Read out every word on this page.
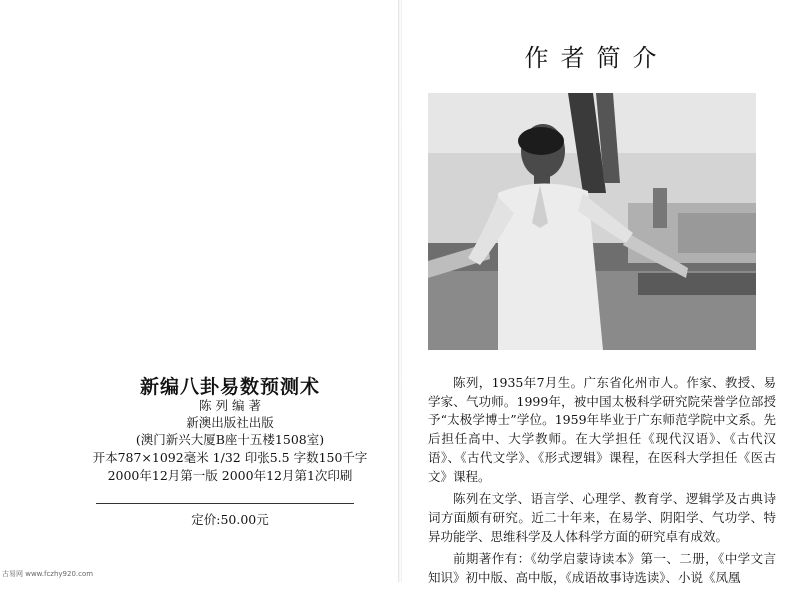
新编八卦易数预测术
陈 列 编 著
新澳出版社出版
(澳门新兴大厦B座十五楼1508室)
开本787×1092毫米 1/32 印张5.5 字数150千字
2000年12月第一版 2000年12月第1次印刷
定价:50.00元
古易网 www.fczhy920.com
作者简介

陈列，1935年7月生。广东省化州市人。作家、教授、易学家、气功师。1999年，被中国太极科学研究院荣誉学位部授予“太极学博士”学位。1959年毕业于广东师范学院中文系。先后担任高中、大学教师。在大学担任《现代汉语》、《古代汉语》、《古代文学》、《形式逻辑》课程，在医科大学担任《医古文》课程。

陈列在文学、语言学、心理学、教育学、逻辑学及古典诗词方面颇有研究。近二十年来，在易学、阴阳学、气功学、特异功能学、思维科学及人体科学方面的研究卓有成效。

前期著作有：《幼学启蒙诗读本》第一、二册，《中学文言知识》初中版、高中版，《成语故事诗选读》、小说《凤凰
